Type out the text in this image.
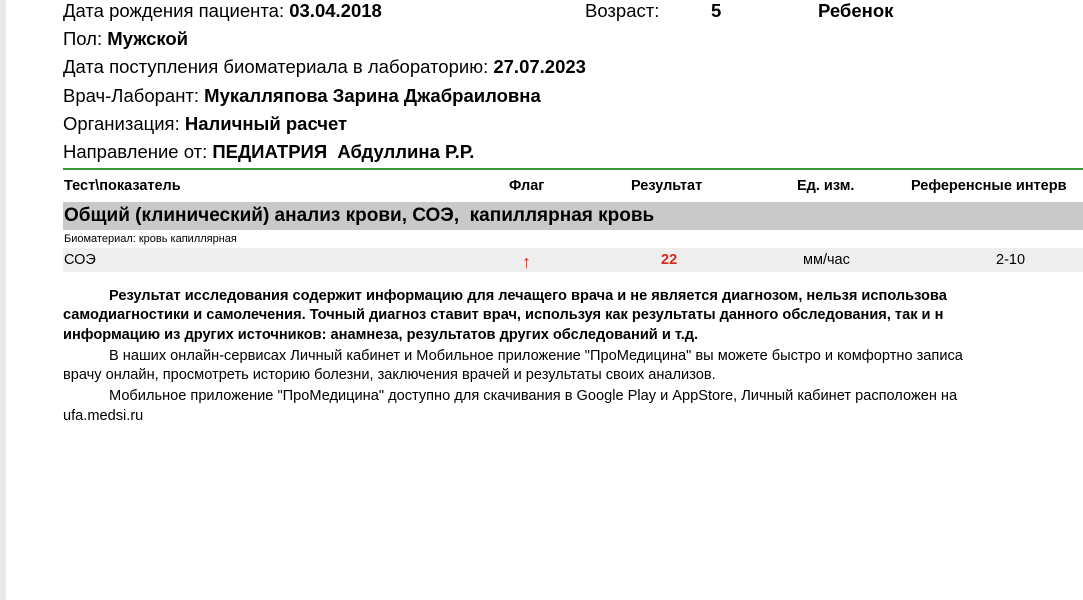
Дата рождения пациента: 03.04.2018	Возраст:	5	Ребенок
Пол: Мужской
Дата поступления биоматериала в лабораторию: 27.07.2023
Врач-Лаборант: Мукалляпова Зарина Джабраиловна
Организация: Наличный расчет
Направление от: ПЕДИАТРИЯ  Абдуллина Р.Р.
Тест\показатель	Флаг	Результат	Ед. изм.	Референсные интерв
Общий (клинический) анализ крови, СОЭ,  капиллярная кровь
Биоматериал: кровь капиллярная
СОЭ	↑	22	мм/час	2-10
Результат исследования содержит информацию для лечащего врача и не является диагнозом, нельзя использова
самодиагностики и самолечения. Точный диагноз ставит врач, используя как результаты данного обследования, так и н
информацию из других источников: анамнеза, результатов других обследований и т.д.
В наших онлайн-сервисах Личный кабинет и Мобильное приложение "ПроМедицина" вы можете быстро и комфортно записа
врачу онлайн, просмотреть историю болезни, заключения врачей и результаты своих анализов.
Мобильное приложение "ПроМедицина" доступно для скачивания в Google Play и AppStore, Личный кабинет расположен на
ufa.medsi.ru
